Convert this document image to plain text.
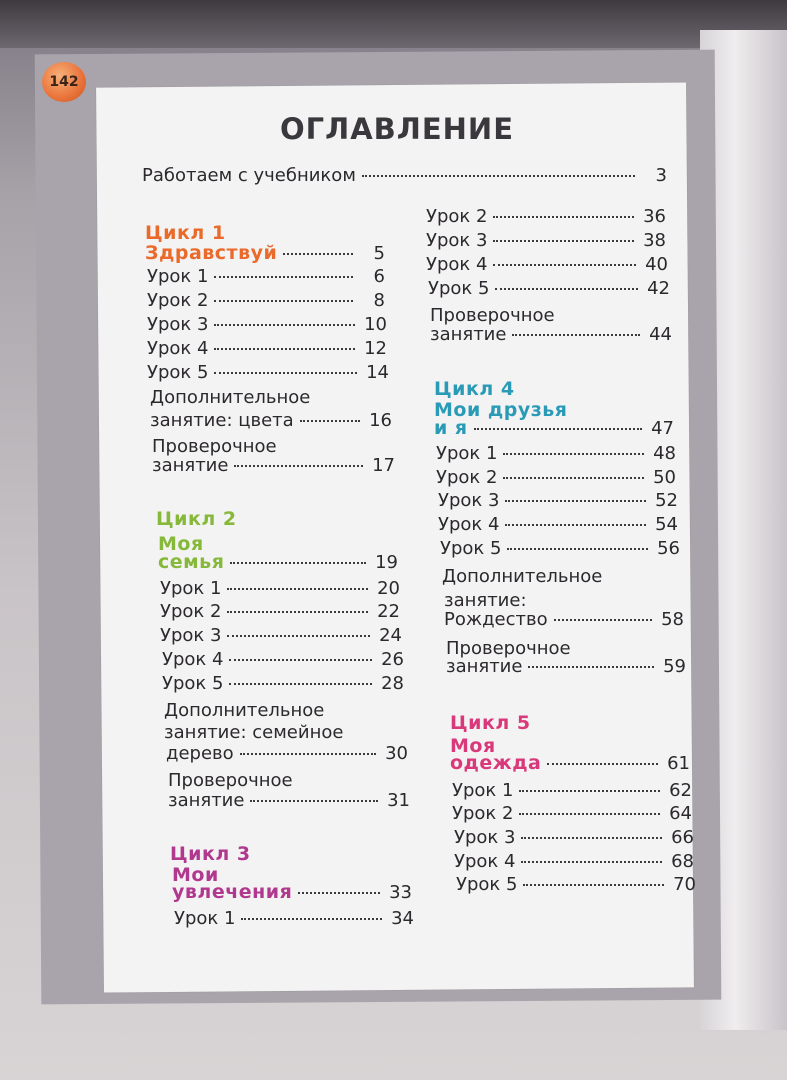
142
ОГЛАВЛЕНИЕ
Работаем с учебником	3
Цикл 1
Здравствуй	5
Урок 1	6
Урок 2	8
Урок 3	10
Урок 4	12
Урок 5	14
Дополнительное
занятие: цвета	16
Проверочное
занятие	17
Цикл 2
Моя
семья	19
Урок 1	20
Урок 2	22
Урок 3	24
Урок 4	26
Урок 5	28
Дополнительное
занятие: семейное
дерево	30
Проверочное
занятие	31
Цикл 3
Мои
увлечения	33
Урок 1	34
Урок 2	36
Урок 3	38
Урок 4	40
Урок 5	42
Проверочное
занятие	44
Цикл 4
Мои друзья
и я	47
Урок 1	48
Урок 2	50
Урок 3	52
Урок 4	54
Урок 5	56
Дополнительное
занятие:
Рождество	58
Проверочное
занятие	59
Цикл 5
Моя
одежда	61
Урок 1	62
Урок 2	64
Урок 3	66
Урок 4	68
Урок 5	70
